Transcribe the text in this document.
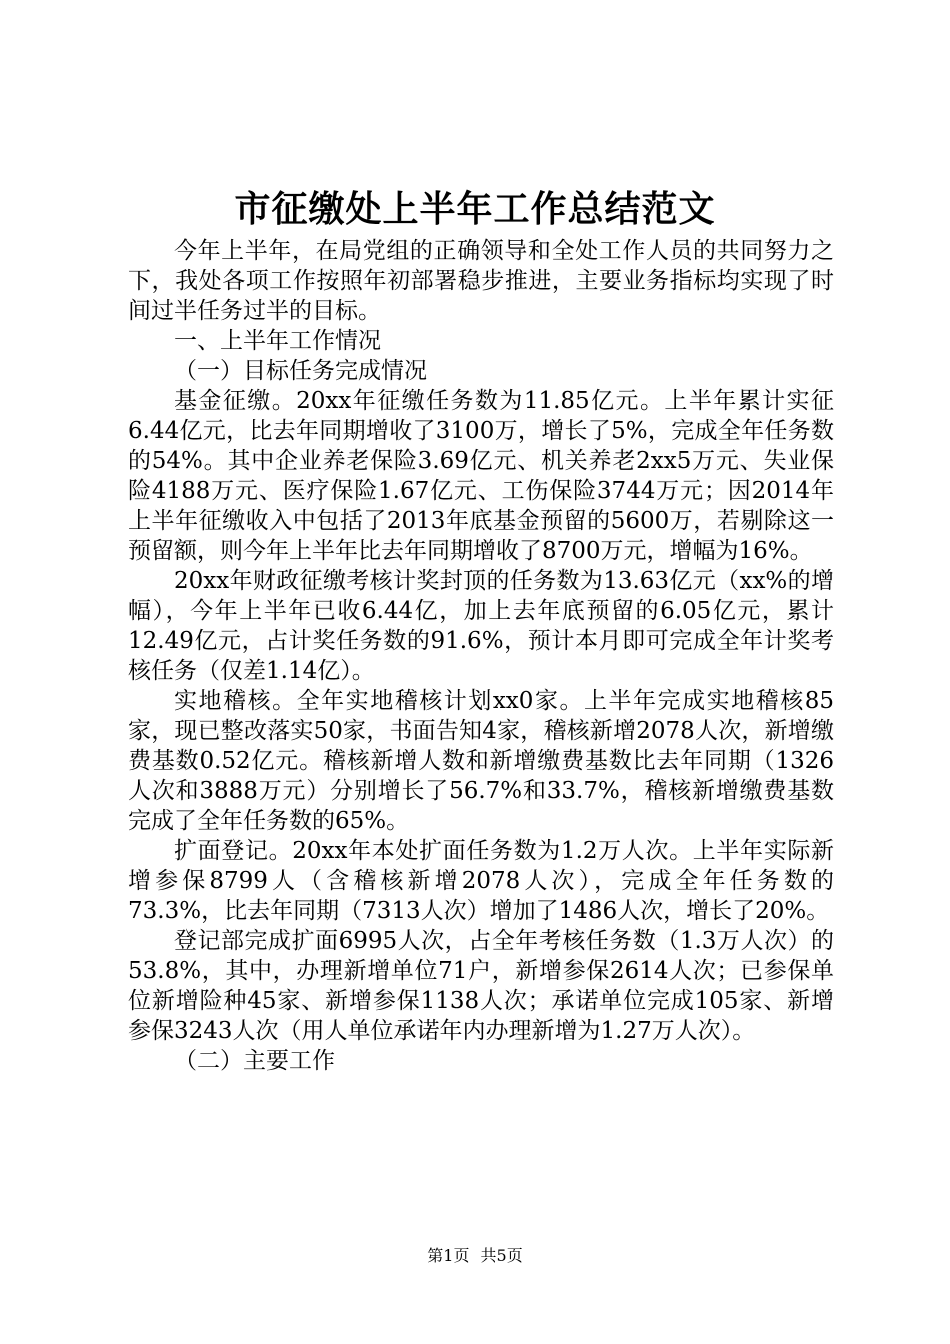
市征缴处上半年工作总结范文

今年上半年，在局党组的正确领导和全处工作人员的共同努力之下，我处各项工作按照年初部署稳步推进，主要业务指标均实现了时间过半任务过半的目标。

一、上半年工作情况

（一）目标任务完成情况

基金征缴。20xx年征缴任务数为11.85亿元。上半年累计实征6.44亿元，比去年同期增收了3100万，增长了5%，完成全年任务数的54%。其中企业养老保险3.69亿元、机关养老2xx5万元、失业保险4188万元、医疗保险1.67亿元、工伤保险3744万元；因2014年上半年征缴收入中包括了2013年底基金预留的5600万，若剔除这一预留额，则今年上半年比去年同期增收了8700万元，增幅为16%。

20xx年财政征缴考核计奖封顶的任务数为13.63亿元（xx%的增幅），今年上半年已收6.44亿，加上去年底预留的6.05亿元，累计12.49亿元，占计奖任务数的91.6%，预计本月即可完成全年计奖考核任务（仅差1.14亿）。

实地稽核。全年实地稽核计划xx0家。上半年完成实地稽核85家，现已整改落实50家，书面告知4家，稽核新增2078人次，新增缴费基数0.52亿元。稽核新增人数和新增缴费基数比去年同期（1326人次和3888万元）分别增长了56.7%和33.7%，稽核新增缴费基数完成了全年任务数的65%。

扩面登记。20xx年本处扩面任务数为1.2万人次。上半年实际新增参保8799人（含稽核新增2078人次），完成全年任务数的73.3%，比去年同期（7313人次）增加了1486人次，增长了20%。

登记部完成扩面6995人次，占全年考核任务数（1.3万人次）的53.8%，其中，办理新增单位71户，新增参保2614人次；已参保单位新增险种45家、新增参保1138人次；承诺单位完成105家、新增参保3243人次（用人单位承诺年内办理新增为1.27万人次）。

（二）主要工作

第1页 共5页
